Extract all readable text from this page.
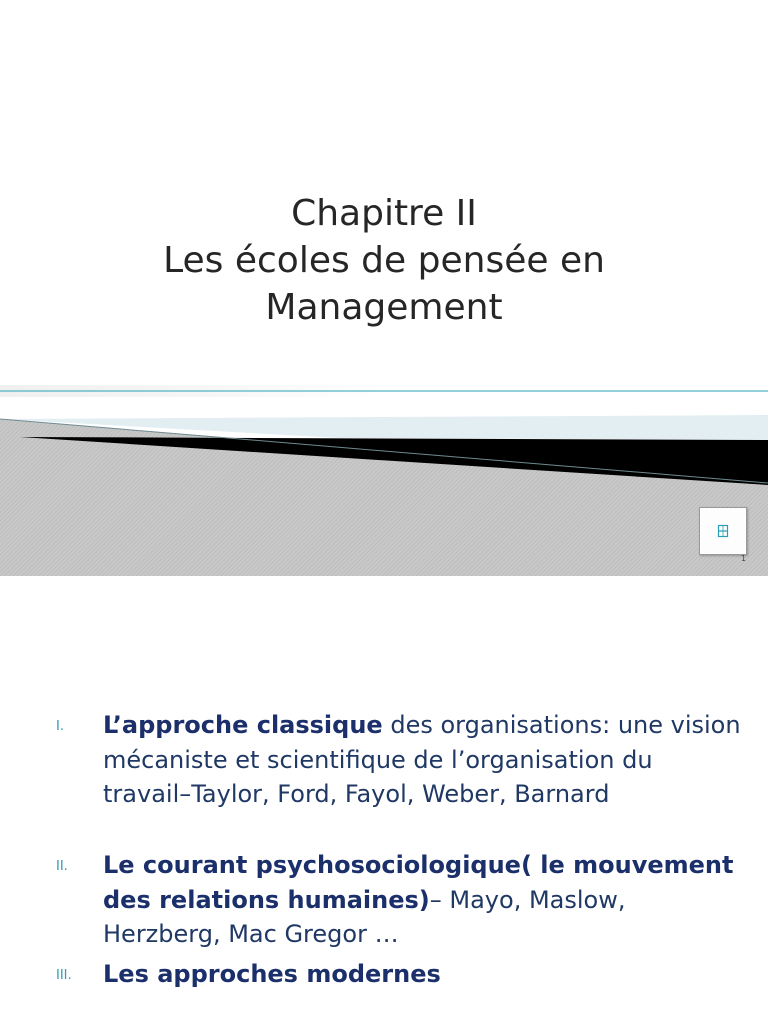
Chapitre II
Les écoles de pensée en
Management
1
I. L’approche classique des organisations: une vision mécaniste et scientifique de l’organisation du travail–Taylor, Ford, Fayol, Weber, Barnard
II. Le courant psychosociologique( le mouvement des relations humaines)– Mayo, Maslow, Herzberg, Mac Gregor …
III. Les approches modernes
